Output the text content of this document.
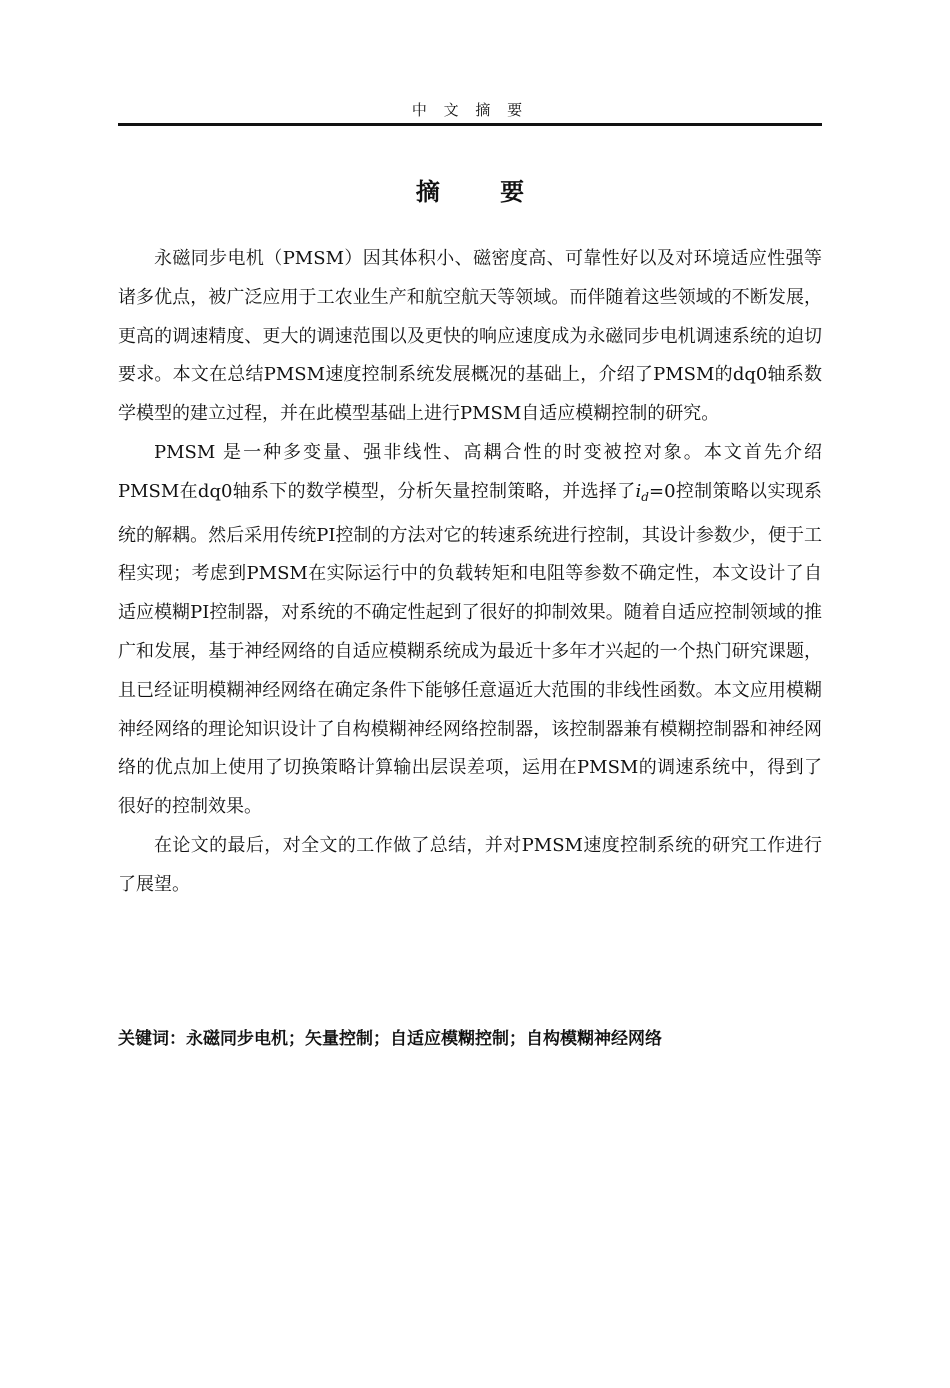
中 文 摘 要
摘 要

永磁同步电机（PMSM）因其体积小、磁密度高、可靠性好以及对环境适应性强等诸多优点，被广泛应用于工农业生产和航空航天等领域。而伴随着这些领域的不断发展，更高的调速精度、更大的调速范围以及更快的响应速度成为永磁同步电机调速系统的迫切要求。本文在总结PMSM速度控制系统发展概况的基础上，介绍了PMSM的dq0轴系数学模型的建立过程，并在此模型基础上进行PMSM自适应模糊控制的研究。

PMSM 是一种多变量、强非线性、高耦合性的时变被控对象。本文首先介绍PMSM在dq0轴系下的数学模型，分析矢量控制策略，并选择了$i_d=0$控制策略以实现系统的解耦。然后采用传统PI控制的方法对它的转速系统进行控制，其设计参数少，便于工程实现；考虑到PMSM在实际运行中的负载转矩和电阻等参数不确定性，本文设计了自适应模糊PI控制器，对系统的不确定性起到了很好的抑制效果。随着自适应控制领域的推广和发展，基于神经网络的自适应模糊系统成为最近十多年才兴起的一个热门研究课题，且已经证明模糊神经网络在确定条件下能够任意逼近大范围的非线性函数。本文应用模糊神经网络的理论知识设计了自构模糊神经网络控制器，该控制器兼有模糊控制器和神经网络的优点加上使用了切换策略计算输出层误差项，运用在PMSM的调速系统中，得到了很好的控制效果。

在论文的最后，对全文的工作做了总结，并对PMSM速度控制系统的研究工作进行了展望。

关键词：永磁同步电机；矢量控制；自适应模糊控制；自构模糊神经网络
